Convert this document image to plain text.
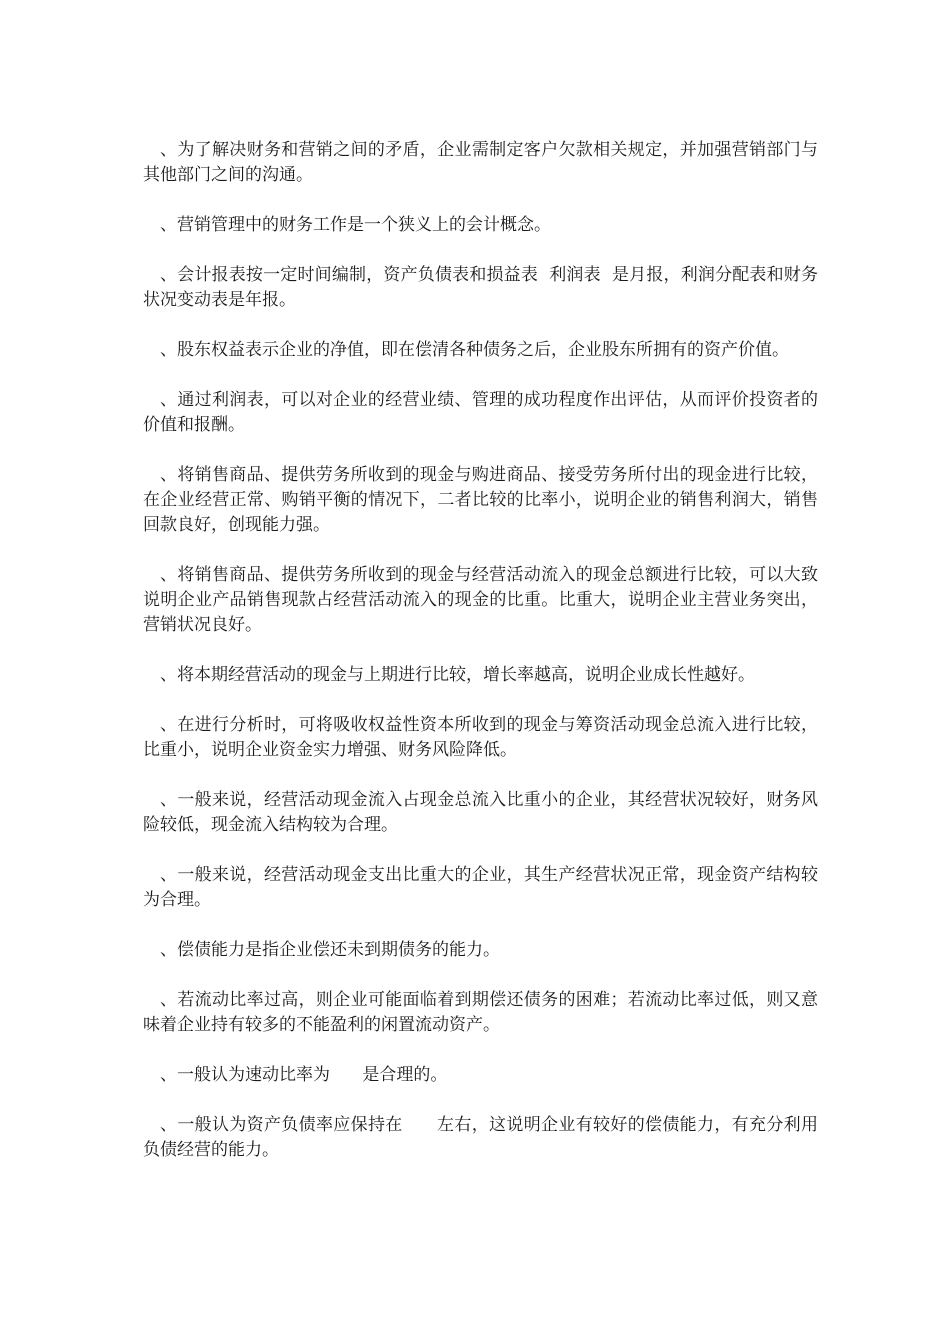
、为了解决财务和营销之间的矛盾，企业需制定客户欠款相关规定，并加强营销部门与其他部门之间的沟通。

、营销管理中的财务工作是一个狭义上的会计概念。

、会计报表按一定时间编制，资产负债表和损益表  利润表  是月报，利润分配表和财务状况变动表是年报。

、股东权益表示企业的净值，即在偿清各种债务之后，企业股东所拥有的资产价值。

、通过利润表，可以对企业的经营业绩、管理的成功程度作出评估，从而评价投资者的价值和报酬。

、将销售商品、提供劳务所收到的现金与购进商品、接受劳务所付出的现金进行比较，在企业经营正常、购销平衡的情况下，二者比较的比率小，说明企业的销售利润大，销售回款良好，创现能力强。

、将销售商品、提供劳务所收到的现金与经营活动流入的现金总额进行比较，可以大致说明企业产品销售现款占经营活动流入的现金的比重。比重大，说明企业主营业务突出，营销状况良好。

、将本期经营活动的现金与上期进行比较，增长率越高，说明企业成长性越好。

、在进行分析时，可将吸收权益性资本所收到的现金与筹资活动现金总流入进行比较，比重小，说明企业资金实力增强、财务风险降低。

、一般来说，经营活动现金流入占现金总流入比重小的企业，其经营状况较好，财务风险较低，现金流入结构较为合理。

、一般来说，经营活动现金支出比重大的企业，其生产经营状况正常，现金资产结构较为合理。

、偿债能力是指企业偿还未到期债务的能力。

、若流动比率过高，则企业可能面临着到期偿还债务的困难；若流动比率过低，则又意味着企业持有较多的不能盈利的闲置流动资产。

、一般认为速动比率为      是合理的。

、一般认为资产负债率应保持在      左右，这说明企业有较好的偿债能力，有充分利用负债经营的能力。
